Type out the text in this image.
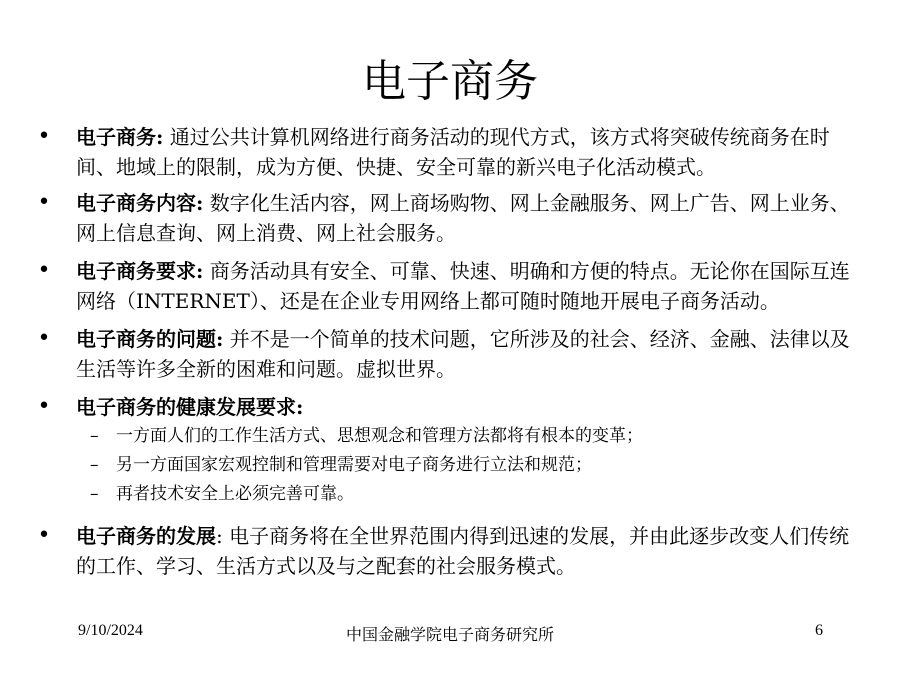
电子商务
• 电子商务: 通过公共计算机网络进行商务活动的现代方式，该方式将突破传统商务在时间、地域上的限制，成为方便、快捷、安全可靠的新兴电子化活动模式。
• 电子商务内容: 数字化生活内容，网上商场购物、网上金融服务、网上广告、网上业务、网上信息查询、网上消费、网上社会服务。
• 电子商务要求: 商务活动具有安全、可靠、快速、明确和方便的特点。无论你在国际互连网络（INTERNET）、还是在企业专用网络上都可随时随地开展电子商务活动。
• 电子商务的问题: 并不是一个简单的技术问题，它所涉及的社会、经济、金融、法律以及生活等许多全新的困难和问题。虚拟世界。
• 电子商务的健康发展要求:
– 一方面人们的工作生活方式、思想观念和管理方法都将有根本的变革；
– 另一方面国家宏观控制和管理需要对电子商务进行立法和规范；
– 再者技术安全上必须完善可靠。
• 电子商务的发展: 电子商务将在全世界范围内得到迅速的发展，并由此逐步改变人们传统的工作、学习、生活方式以及与之配套的社会服务模式。
9/10/2024	中国金融学院电子商务研究所	6
